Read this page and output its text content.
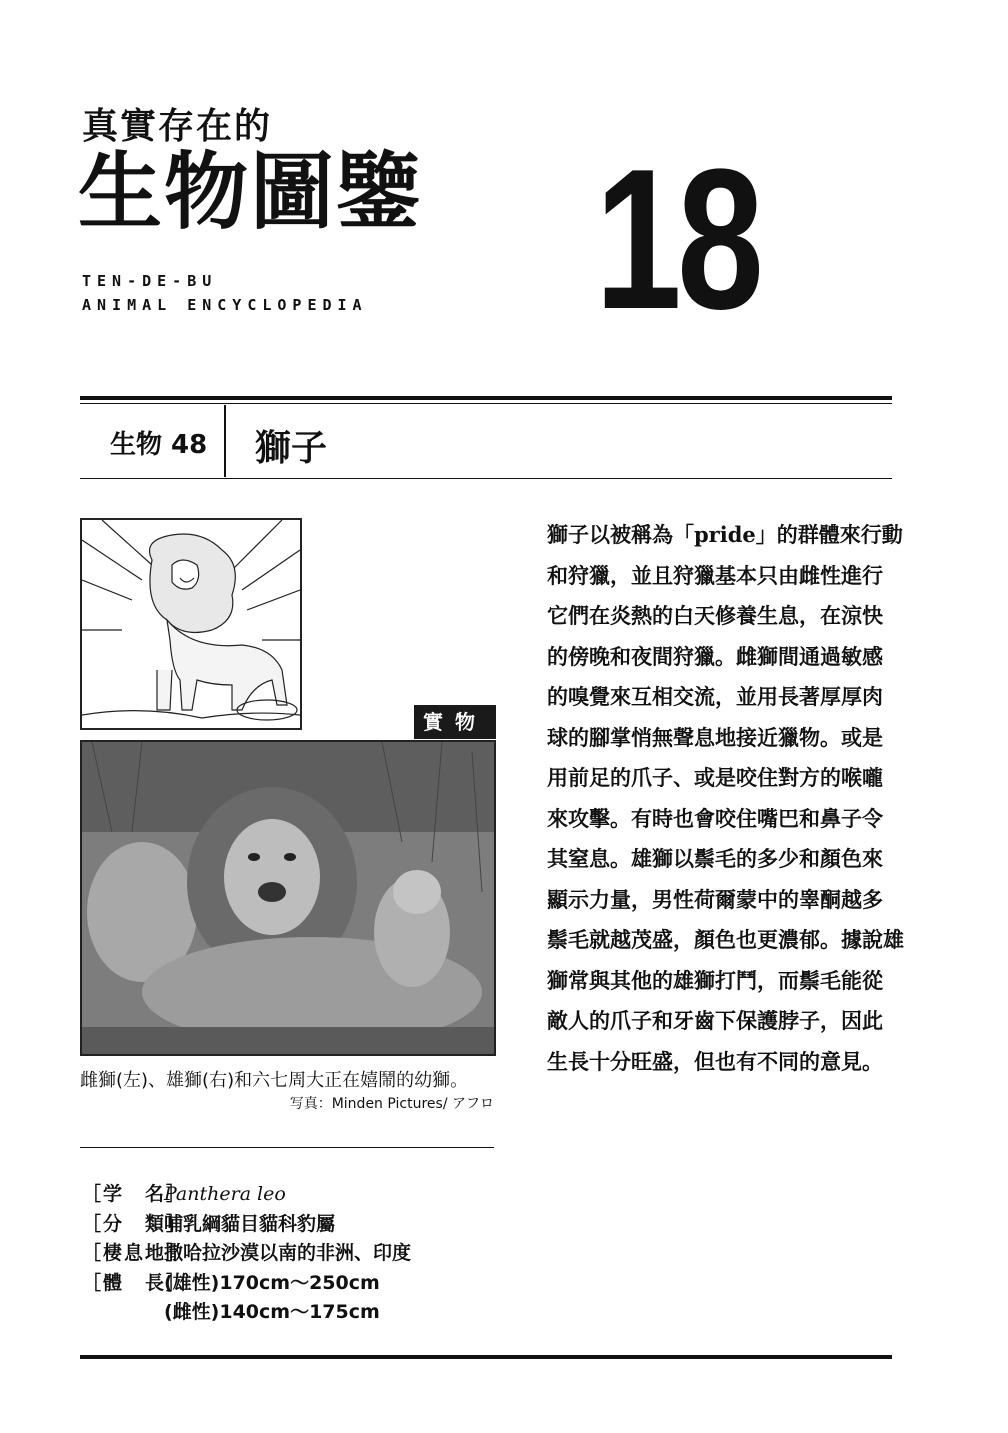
真實存在的
生物圖鑒
TEN-DE-BU
ANIMAL ENCYCLOPEDIA 18
生物 48 獅子
實物
雌獅(左)、雄獅(右)和六七周大正在嬉鬧的幼獅。
写真：Minden Pictures/ アフロ
［学　名］
Panthera leo
［分　類］
哺乳綱貓目貓科豹屬
［棲息地］
撒哈拉沙漠以南的非洲、印度
［體　長］
(雄性)170cm～250cm
(雌性)140cm～175cm
獅子以被稱為「pride」的群體來行動
和狩獵，並且狩獵基本只由雌性進行
它們在炎熱的白天修養生息，在涼快
的傍晚和夜間狩獵。雌獅間通過敏感
的嗅覺來互相交流，並用長著厚厚肉
球的腳掌悄無聲息地接近獵物。或是
用前足的爪子、或是咬住對方的喉嚨
來攻擊。有時也會咬住嘴巴和鼻子令
其窒息。雄獅以鬃毛的多少和顏色來
顯示力量，男性荷爾蒙中的睾酮越多
鬃毛就越茂盛，顏色也更濃郁。據說雄
獅常與其他的雄獅打鬥，而鬃毛能從
敵人的爪子和牙齒下保護脖子，因此
生長十分旺盛，但也有不同的意見。
